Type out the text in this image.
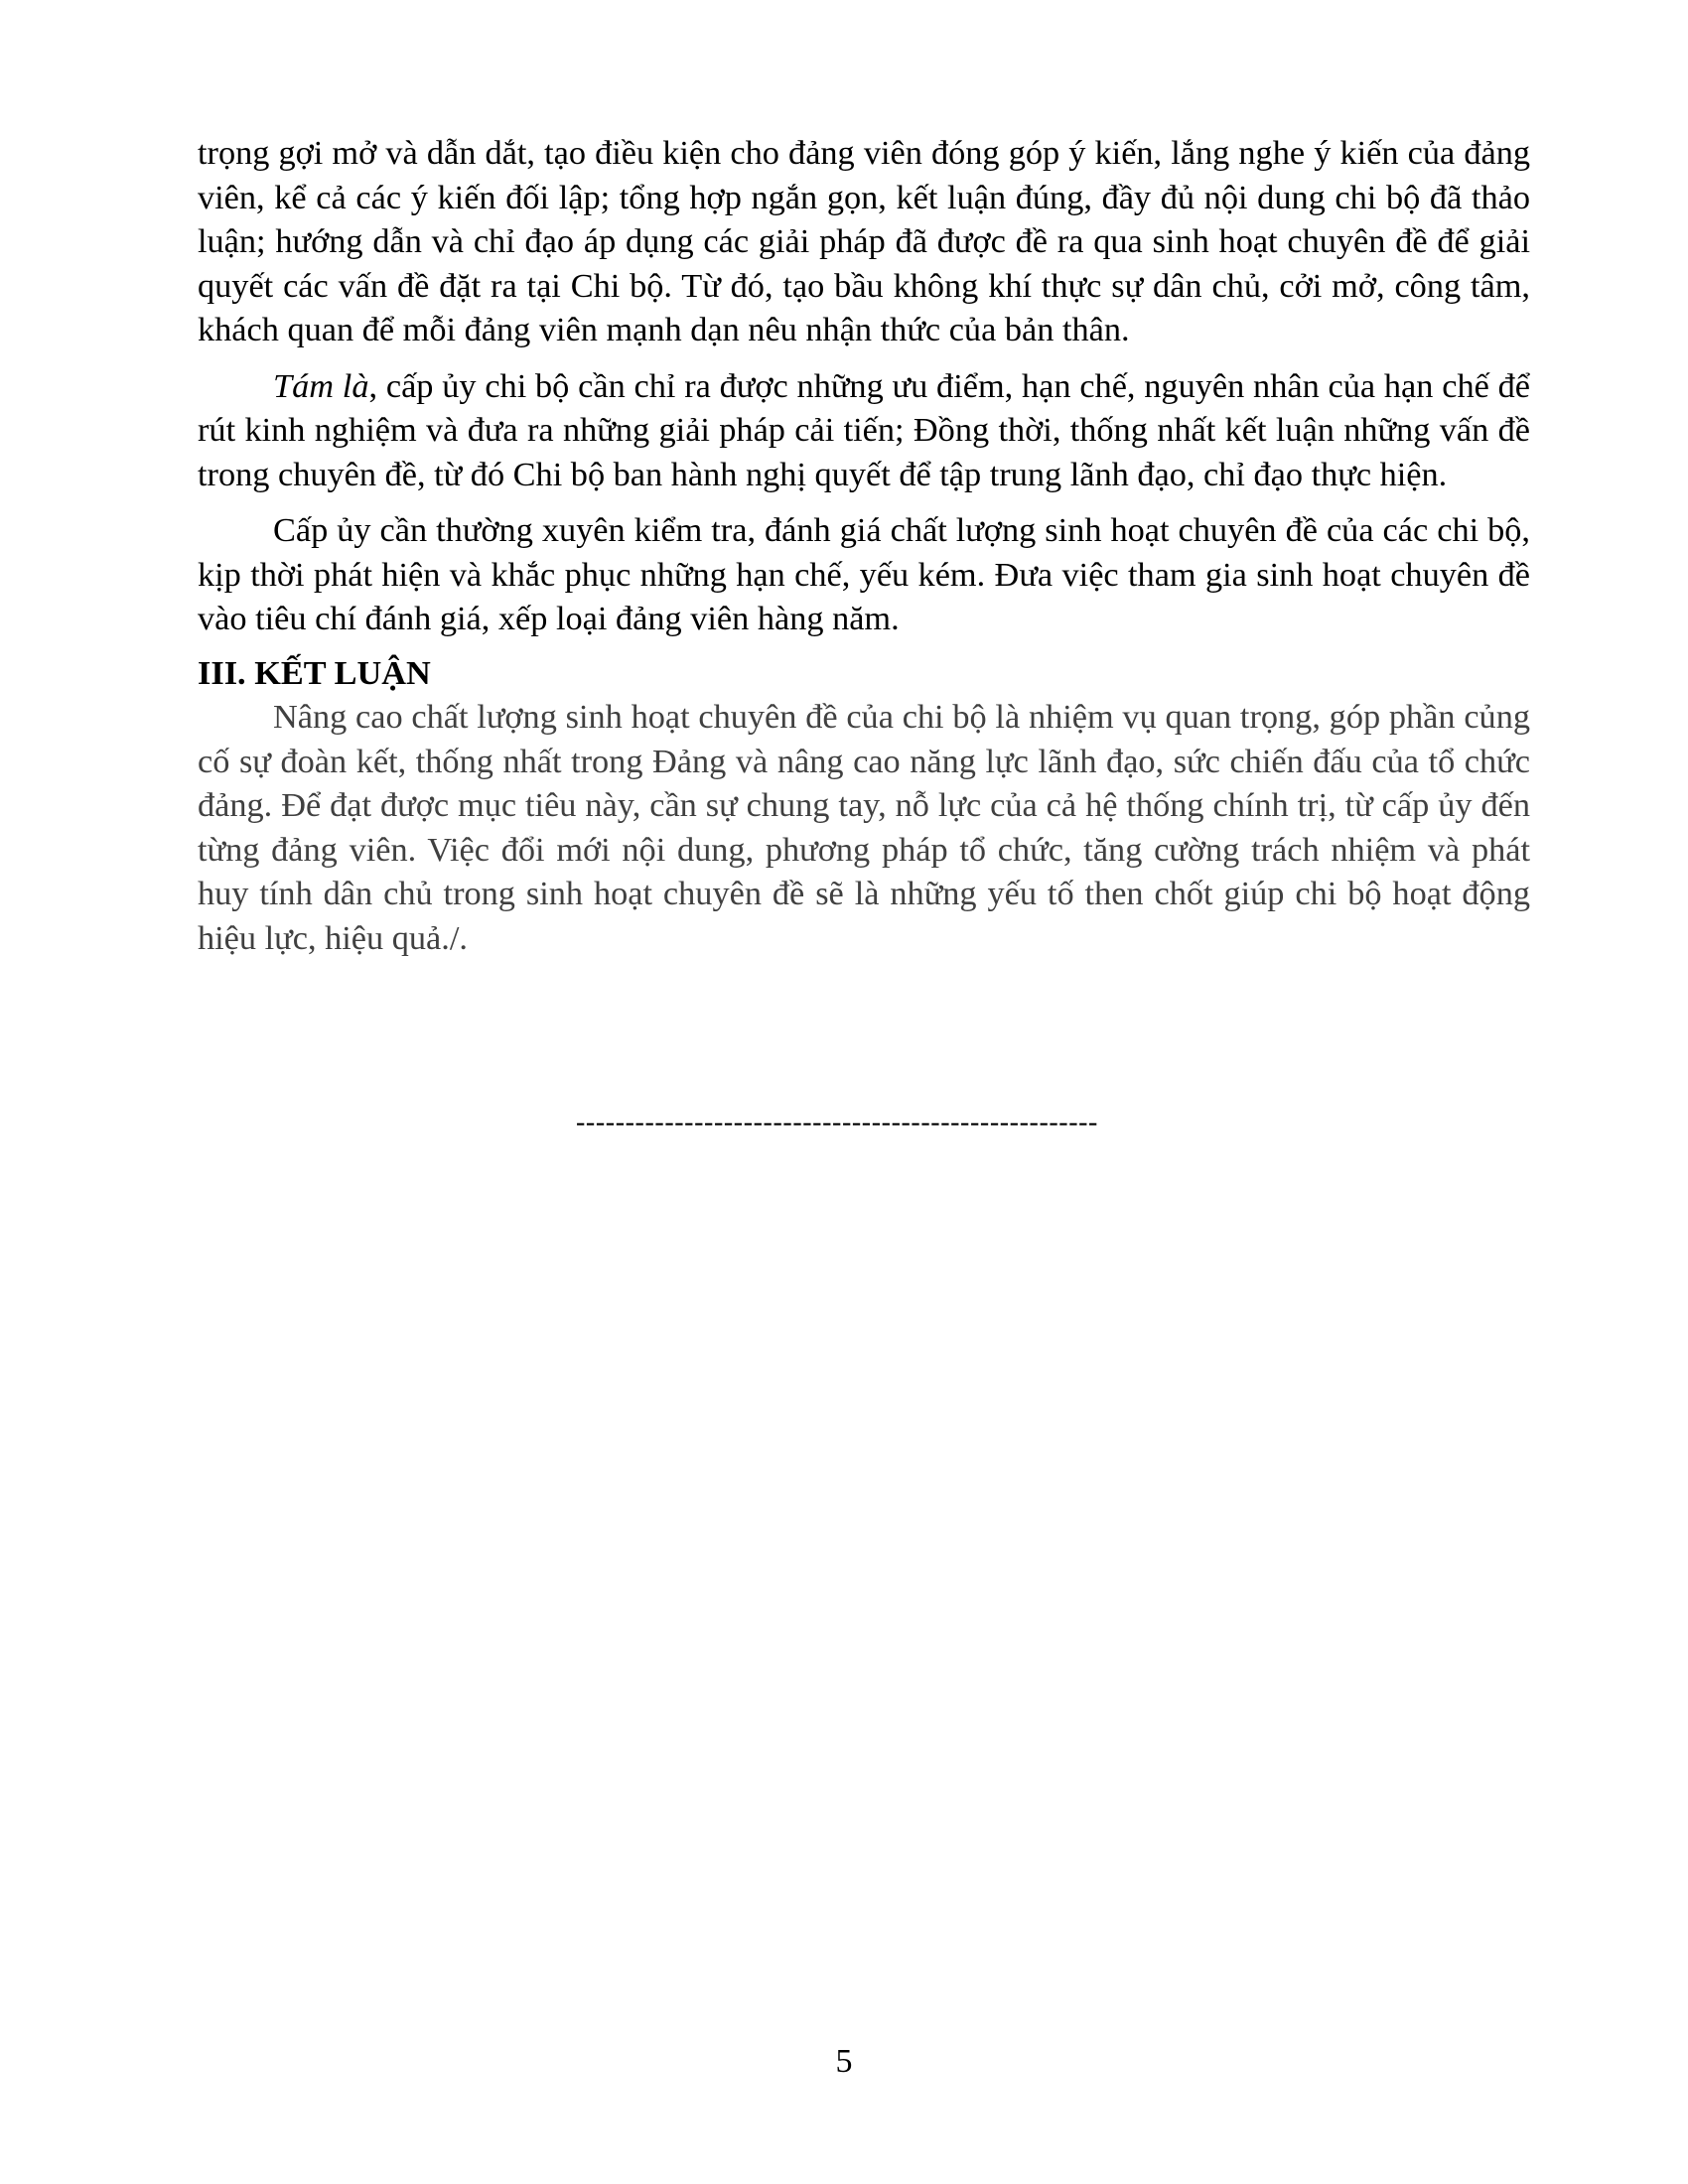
trọng gợi mở và dẫn dắt, tạo điều kiện cho đảng viên đóng góp ý kiến, lắng nghe ý kiến của đảng viên, kể cả các ý kiến đối lập; tổng hợp ngắn gọn, kết luận đúng, đầy đủ nội dung chi bộ đã thảo luận; hướng dẫn và chỉ đạo áp dụng các giải pháp đã được đề ra qua sinh hoạt chuyên đề để giải quyết các vấn đề đặt ra tại Chi bộ. Từ đó, tạo bầu không khí thực sự dân chủ, cởi mở, công tâm, khách quan để mỗi đảng viên mạnh dạn nêu nhận thức của bản thân.

Tám là, cấp ủy chi bộ cần chỉ ra được những ưu điểm, hạn chế, nguyên nhân của hạn chế để rút kinh nghiệm và đưa ra những giải pháp cải tiến; Đồng thời, thống nhất kết luận những vấn đề trong chuyên đề, từ đó Chi bộ ban hành nghị quyết để tập trung lãnh đạo, chỉ đạo thực hiện.

Cấp ủy cần thường xuyên kiểm tra, đánh giá chất lượng sinh hoạt chuyên đề của các chi bộ, kịp thời phát hiện và khắc phục những hạn chế, yếu kém. Đưa việc tham gia sinh hoạt chuyên đề vào tiêu chí đánh giá, xếp loại đảng viên hàng năm.

III. KẾT LUẬN

Nâng cao chất lượng sinh hoạt chuyên đề của chi bộ là nhiệm vụ quan trọng, góp phần củng cố sự đoàn kết, thống nhất trong Đảng và nâng cao năng lực lãnh đạo, sức chiến đấu của tổ chức đảng. Để đạt được mục tiêu này, cần sự chung tay, nỗ lực của cả hệ thống chính trị, từ cấp ủy đến từng đảng viên. Việc đổi mới nội dung, phương pháp tổ chức, tăng cường trách nhiệm và phát huy tính dân chủ trong sinh hoạt chuyên đề sẽ là những yếu tố then chốt giúp chi bộ hoạt động hiệu lực, hiệu quả./.

-----------------------------------------------------
5
